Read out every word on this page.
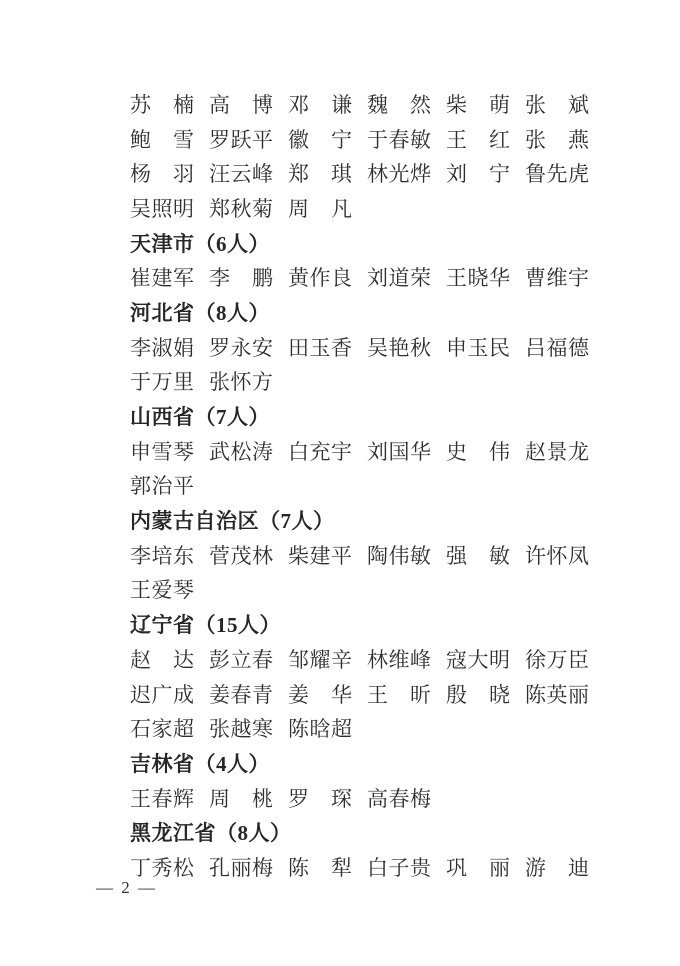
苏楠 高博 邓谦 魏然 柴萌 张斌
鲍雪 罗跃平 徽宁 于春敏 王红 张燕
杨羽 汪云峰 郑琪 林光烨 刘宁 鲁先虎
吴照明 郑秋菊 周凡
天津市（6人）
崔建军 李鹏 黄作良 刘道荣 王晓华 曹维宇
河北省（8人）
李淑娟 罗永安 田玉香 吴艳秋 申玉民 吕福德
于万里 张怀方
山西省（7人）
申雪琴 武松涛 白充宇 刘国华 史伟 赵景龙
郭治平
内蒙古自治区（7人）
李培东 菅茂林 柴建平 陶伟敏 强敏 许怀凤
王爱琴
辽宁省（15人）
赵达 彭立春 邹耀辛 林维峰 寇大明 徐万臣
迟广成 姜春青 姜华 王昕 殷晓 陈英丽
石家超 张越寒 陈晗超
吉林省（4人）
王春辉 周桃 罗琛 高春梅
黑龙江省（8人）
丁秀松 孔丽梅 陈犁 白子贵 巩丽 游迪
— 2 —
